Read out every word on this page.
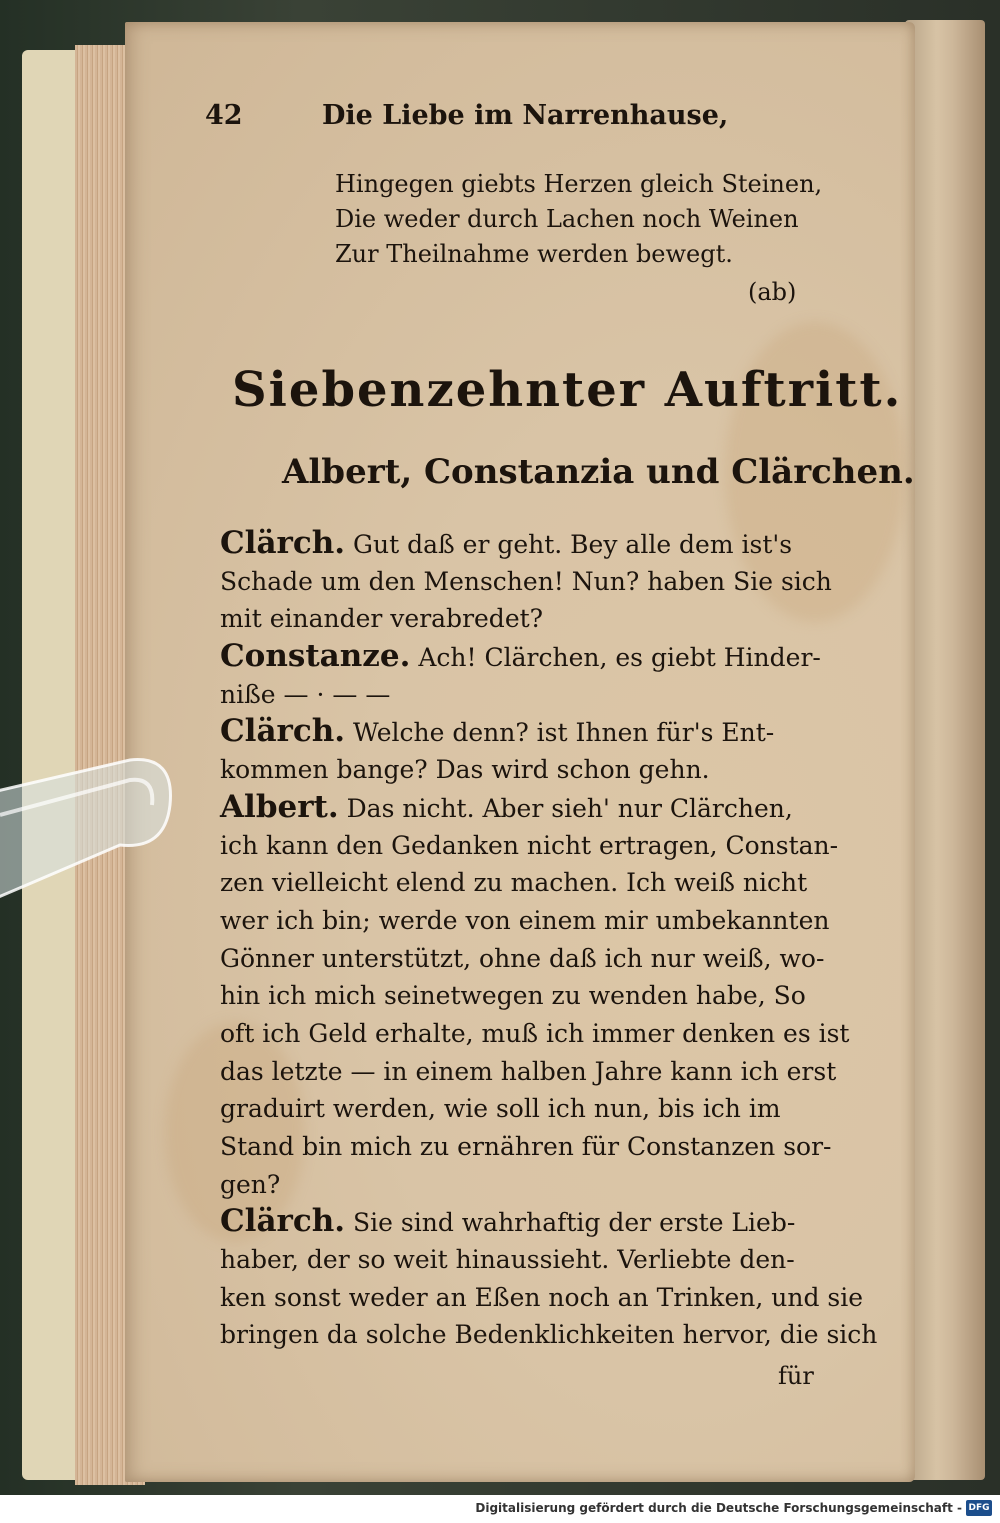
42	Die Liebe im Narrenhause,
Hingegen giebts Herzen gleich Steinen,
Die weder durch Lachen noch Weinen
Zur Theilnahme werden bewegt.
(ab)
Siebenzehnter Auftritt.
Albert, Constanzia und Clärchen.
Clärch. Gut daß er geht. Bey alle dem ist's
Schade um den Menschen! Nun? haben Sie sich
mit einander verabredet?
Constanze. Ach! Clärchen, es giebt Hinder-
niße — · — —
Clärch. Welche denn? ist Ihnen für's Ent-
kommen bange? Das wird schon gehn.
Albert. Das nicht. Aber sieh' nur Clärchen,
ich kann den Gedanken nicht ertragen, Constan-
zen vielleicht elend zu machen. Ich weiß nicht
wer ich bin; werde von einem mir umbekannten
Gönner unterstützt, ohne daß ich nur weiß, wo-
hin ich mich seinetwegen zu wenden habe, So
oft ich Geld erhalte, muß ich immer denken es ist
das letzte — in einem halben Jahre kann ich erst
graduirt werden, wie soll ich nun, bis ich im
Stand bin mich zu ernähren für Constanzen sor-
gen?
Clärch. Sie sind wahrhaftig der erste Lieb-
haber, der so weit hinaussieht. Verliebte den-
ken sonst weder an Eßen noch an Trinken, und sie
bringen da solche Bedenklichkeiten hervor, die sich
für
Digitalisierung gefördert durch die Deutsche Forschungsgemeinschaft - DFG
